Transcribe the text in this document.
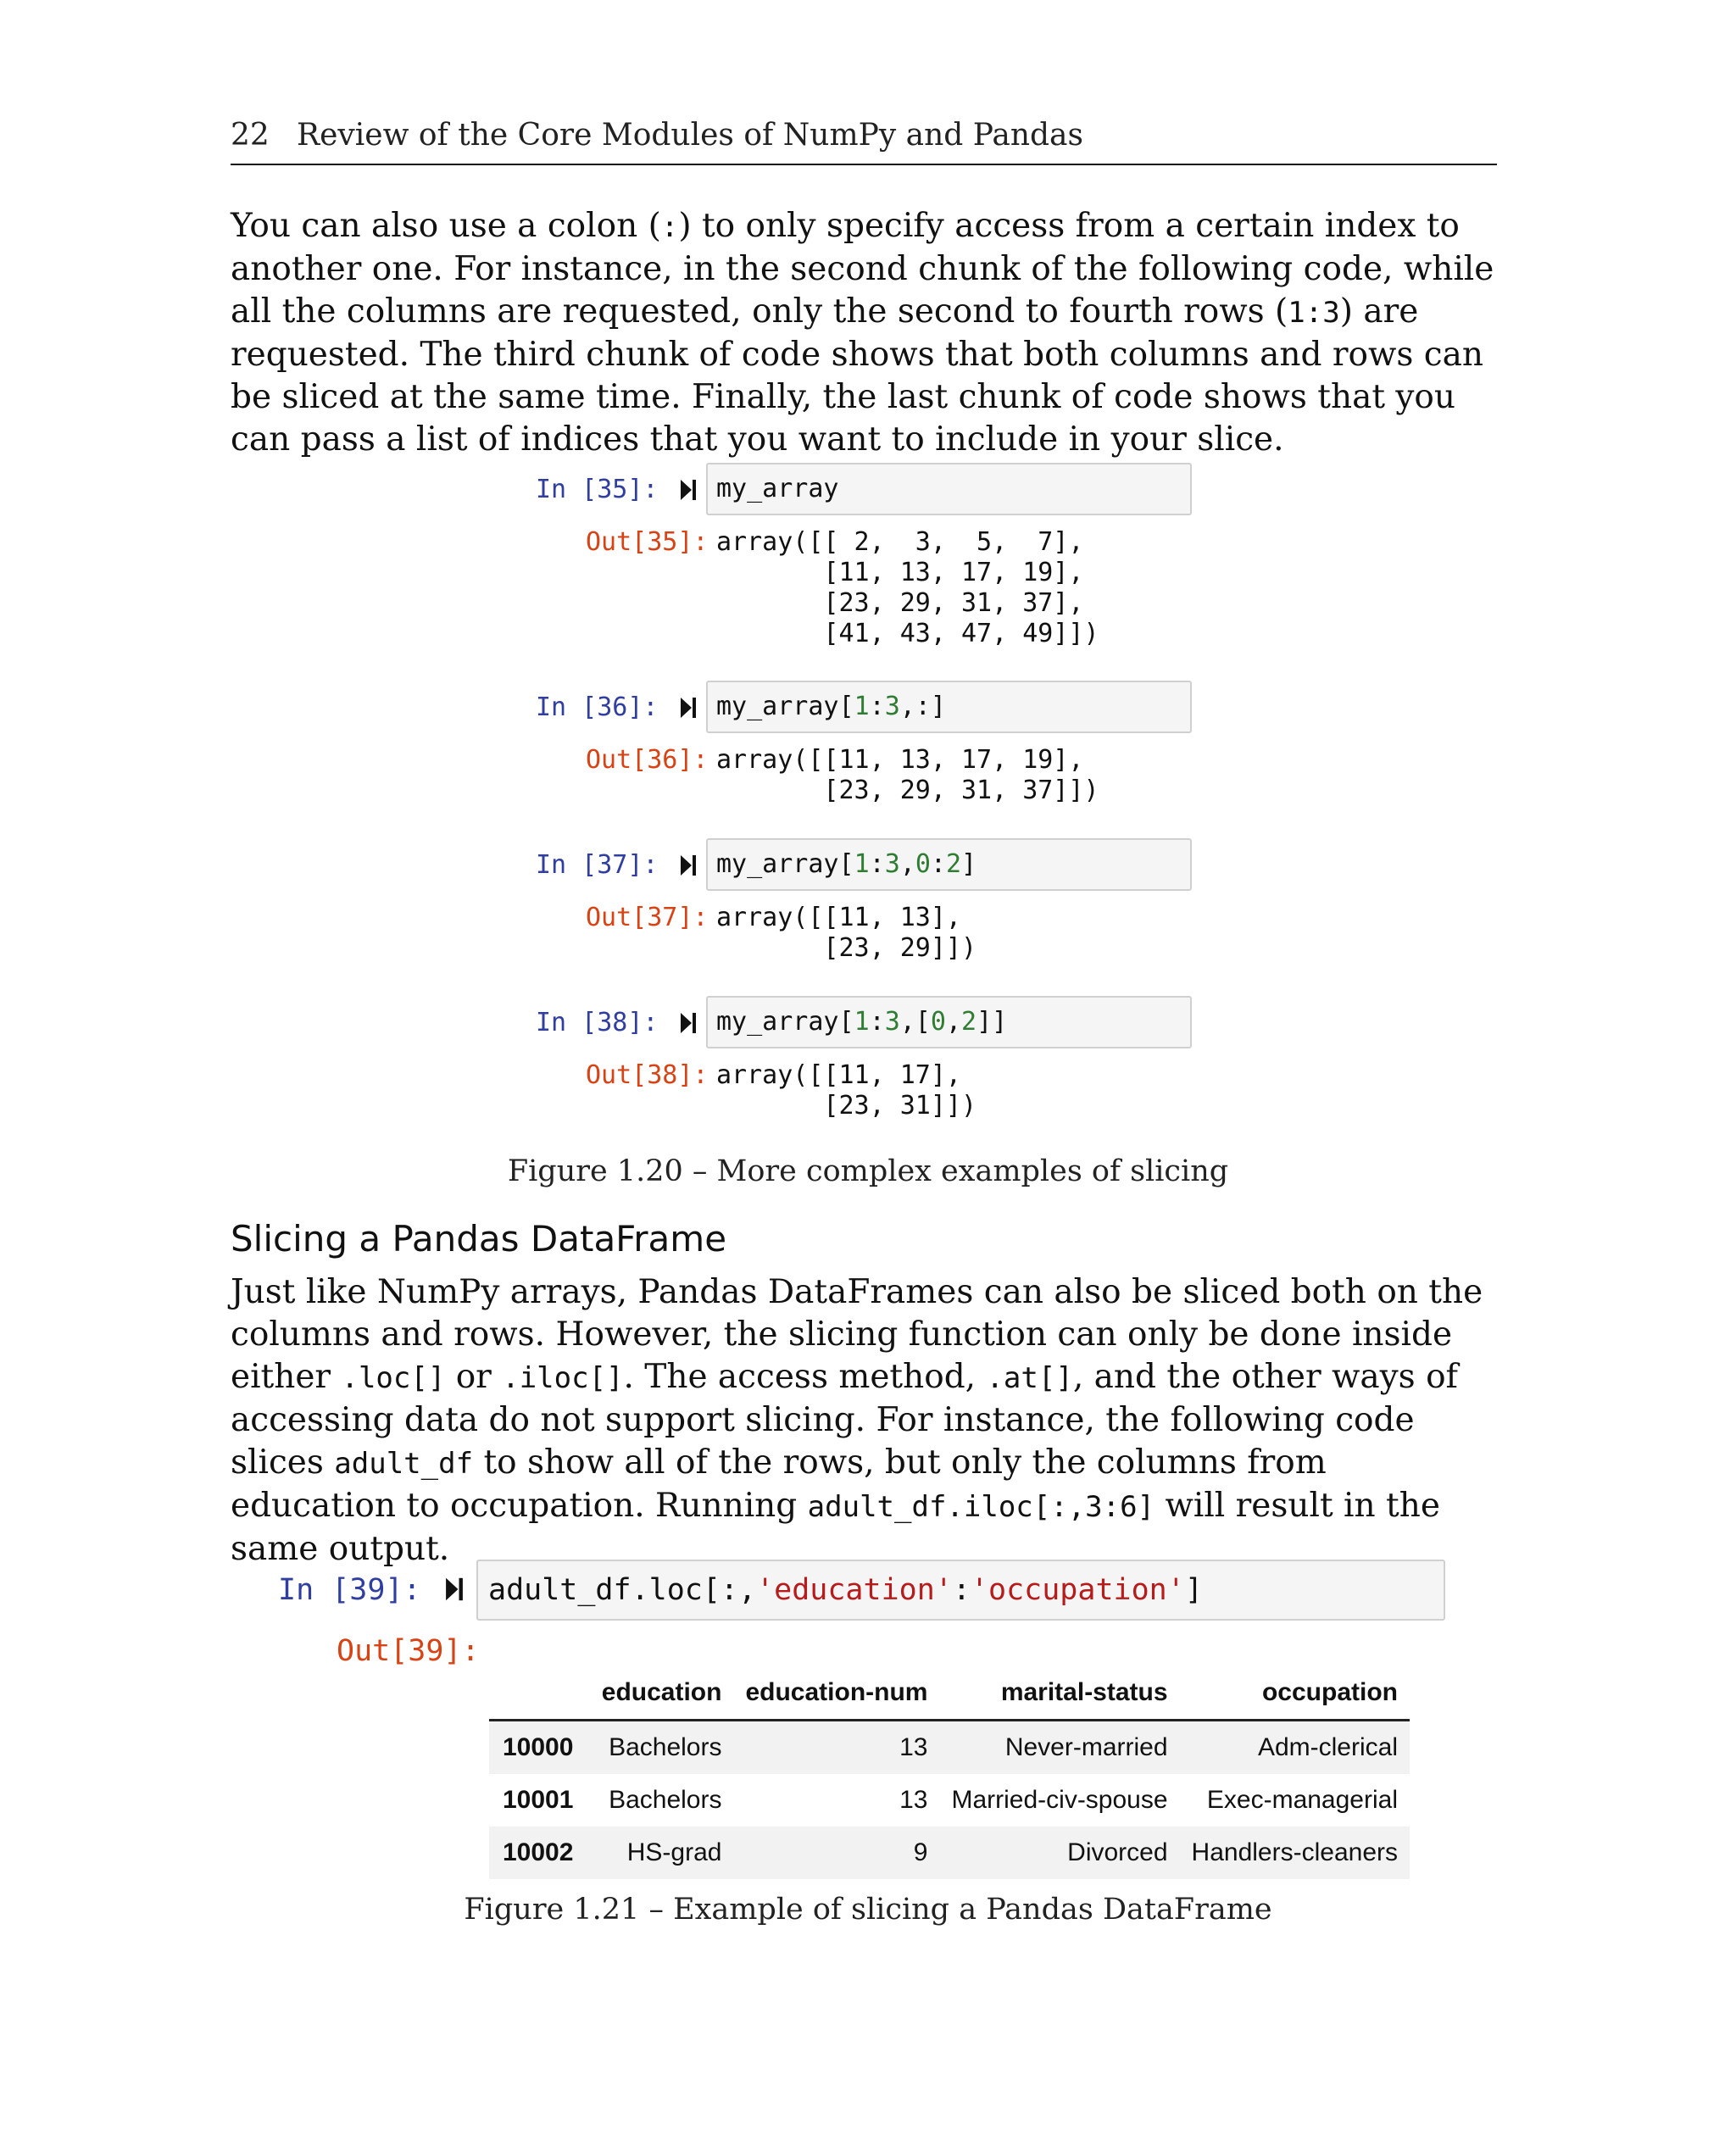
22 Review of the Core Modules of NumPy and Pandas

You can also use a colon (:) to only specify access from a certain index to another one. For instance, in the second chunk of the following code, while all the columns are requested, only the second to fourth rows (1:3) are requested. The third chunk of code shows that both columns and rows can be sliced at the same time. Finally, the last chunk of code shows that you can pass a list of indices that you want to include in your slice.

In [35]:	my_array
Out[35]: array([[ 2,  3,  5,  7],
[11, 13, 17, 19],
[23, 29, 31, 37],
[41, 43, 47, 49]])
In [36]:	my_array[1:3,:]
Out[36]: array([[11, 13, 17, 19],
[23, 29, 31, 37]])
In [37]:	my_array[1:3,0:2]
Out[37]: array([[11, 13],
[23, 29]])
In [38]:	my_array[1:3,[0,2]]
Out[38]: array([[11, 17],
[23, 31]])
Figure 1.20 – More complex examples of slicing
Slicing a Pandas DataFrame

Just like NumPy arrays, Pandas DataFrames can also be sliced both on the columns and rows. However, the slicing function can only be done inside either .loc[] or .iloc[]. The access method, .at[], and the other ways of accessing data do not support slicing. For instance, the following code slices adult_df to show all of the rows, but only the columns from education to occupation. Running adult_df.iloc[:,3:6] will result in the same output.

In [39]:	adult_df.loc[:,'education':'occupation']
Out[39]:
	education	education-num	marital-status	occupation
10000	Bachelors	13	Never-married	Adm-clerical
10001	Bachelors	13	Married-civ-spouse	Exec-managerial
10002	HS-grad	9	Divorced	Handlers-cleaners
Figure 1.21 – Example of slicing a Pandas DataFrame
